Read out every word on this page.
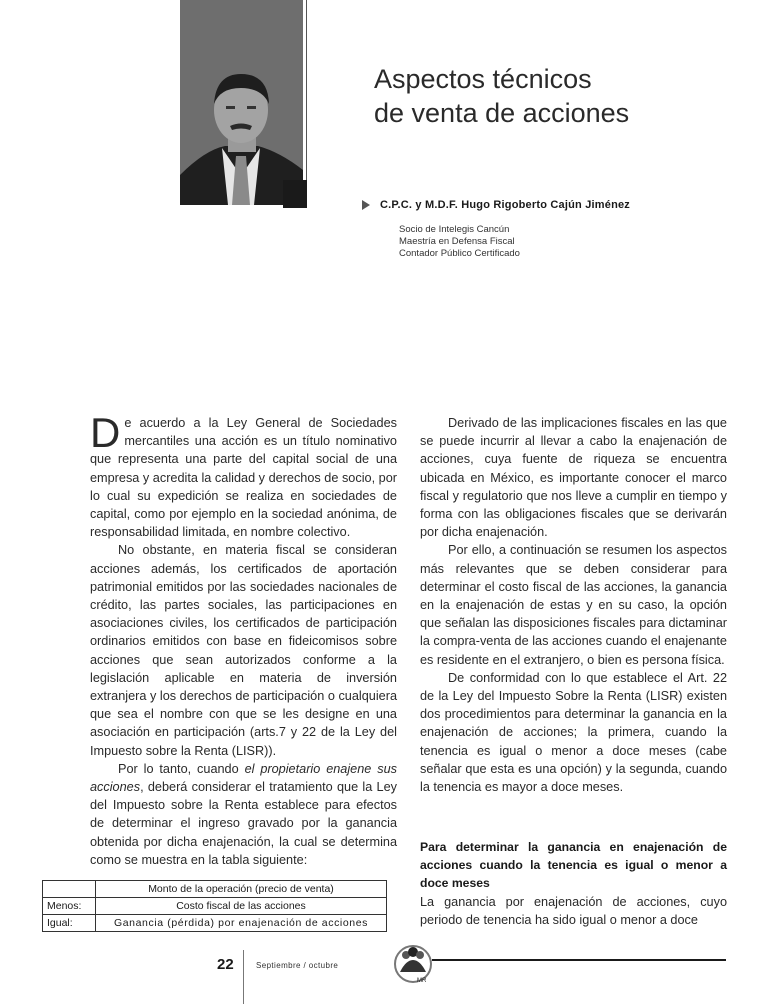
Aspectos técnicos
de venta de acciones
C.P.C. y M.D.F. Hugo Rigoberto Cajún Jiménez
Socio de Intelegis Cancún
Maestría en Defensa Fiscal
Contador Público Certificado

De acuerdo a la Ley General de Sociedades mercantiles una acción es un título nominativo que representa una parte del capital social de una empresa y acredita la calidad y derechos de socio, por lo cual su expedición se realiza en sociedades de capital, como por ejemplo en la sociedad anónima, de responsabilidad limitada, en nombre colectivo.

No obstante, en materia fiscal se consideran acciones además, los certificados de aportación patrimonial emitidos por las sociedades nacionales de crédito, las partes sociales, las participaciones en asociaciones civiles, los certificados de participación ordinarios emitidos con base en fideicomisos sobre acciones que sean autorizados conforme a la legislación aplicable en materia de inversión extranjera y los derechos de participación o cualquiera que sea el nombre con que se les designe en una asociación en participación (arts.7 y 22 de la Ley del Impuesto sobre la Renta (LISR)).

Por lo tanto, cuando el propietario enajene sus acciones, deberá considerar el tratamiento que la Ley del Impuesto sobre la Renta establece para efectos de determinar el ingreso gravado por la ganancia obtenida por dicha enajenación, la cual se determina como se muestra en la tabla siguiente:

Derivado de las implicaciones fiscales en las que se puede incurrir al llevar a cabo la enajenación de acciones, cuya fuente de riqueza se encuentra ubicada en México, es importante conocer el marco fiscal y regulatorio que nos lleve a cumplir en tiempo y forma con las obligaciones fiscales que se derivarán por dicha enajenación.

Por ello, a continuación se resumen los aspectos más relevantes que se deben considerar para determinar el costo fiscal de las acciones, la ganancia en la enajenación de estas y en su caso, la opción que señalan las disposiciones fiscales para dictaminar la compra-venta de las acciones cuando el enajenante es residente en el extranjero, o bien es persona física.

De conformidad con lo que establece el Art. 22 de la Ley del Impuesto Sobre la Renta (LISR) existen dos procedimientos para determinar la ganancia en la enajenación de acciones; la primera, cuando la tenencia es igual o menor a doce meses (cabe señalar que esta es una opción) y la segunda, cuando la tenencia es mayor a doce meses.

Para determinar la ganancia en enajenación de acciones cuando la tenencia es igual o menor a doce meses
La ganancia por enajenación de acciones, cuyo periodo de tenencia ha sido igual o menor a doce
	Monto de la operación (precio de venta)
Menos:	Costo fiscal de las acciones
Igual:	Ganancia (pérdida) por enajenación de acciones
22	Septiembre / octubre
MR
